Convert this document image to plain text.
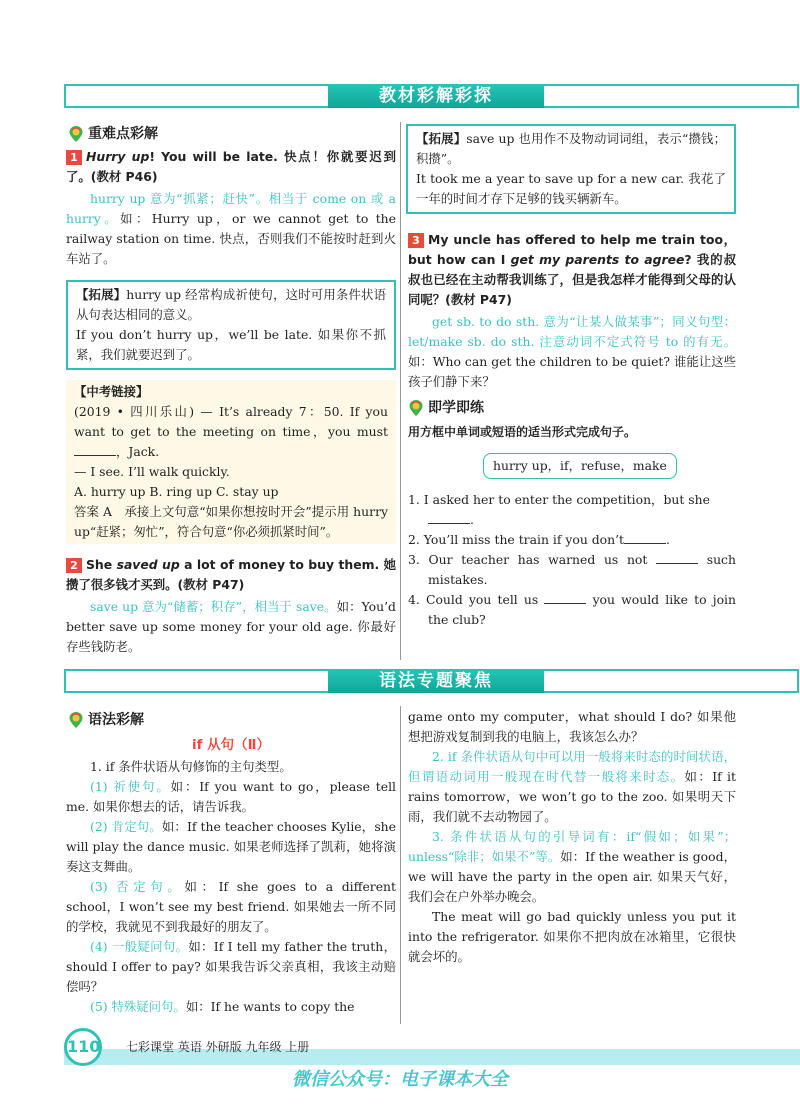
教材彩解彩探
重难点彩解

1 Hurry up! You will be late. 快点！你就要迟到了。(教材 P46)

hurry up 意为“抓紧；赶快”。相当于 come on 或 a hurry。如：Hurry up，or we cannot get to the railway station on time. 快点，否则我们不能按时赶到火车站了。

【拓展】hurry up 经常构成祈使句，这时可用条件状语从句表达相同的意义。

If you don’t hurry up，we’ll be late. 如果你不抓紧，我们就要迟到了。

【中考链接】

(2019 • 四川乐山) — It’s already 7：50. If you want to get to the meeting on time，you must ，Jack.

— I see. I’ll walk quickly.

A. hurry up B. ring up C. stay up

答案 A　承接上文句意“如果你想按时开会”提示用 hurry up“赶紧；匆忙”，符合句意“你必须抓紧时间”。

2 She saved up a lot of money to buy them. 她攒了很多钱才买到。(教材 P47)

save up 意为“储蓄；积存”，相当于 save。如：You’d better save up some money for your old age. 你最好存些钱防老。

【拓展】save up 也用作不及物动词词组，表示“攒钱；积攒”。

It took me a year to save up for a new car. 我花了一年的时间才存下足够的钱买辆新车。

3 My uncle has offered to help me train too，but how can I get my parents to agree? 我的叔叔也已经在主动帮我训练了，但是我怎样才能得到父母的认同呢？(教材 P47)

get sb. to do sth. 意为“让某人做某事”；同义句型：let/make sb. do sth. 注意动词不定式符号 to 的有无。如：Who can get the children to be quiet? 谁能让这些孩子们静下来？

即学即练

用方框中单词或短语的适当形式完成句子。

hurry up，if，refuse，make

1. I asked her to enter the competition，but she
.

2. You’ll miss the train if you don’t	.

3. Our teacher has warned us not	such mistakes.

4. Could you tell us	you would like to join the club?

语法专题聚焦
语法彩解

if 从句（Ⅱ）

1. if 条件状语从句修饰的主句类型。

(1) 祈使句。如：If you want to go，please tell me. 如果你想去的话，请告诉我。

(2) 肯定句。如：If the teacher chooses Kylie，she will play the dance music. 如果老师选择了凯莉，她将演奏这支舞曲。

(3) 否定句。如：If she goes to a different school，I won’t see my best friend. 如果她去一所不同的学校，我就见不到我最好的朋友了。

(4) 一般疑问句。如：If I tell my father the truth，should I offer to pay? 如果我告诉父亲真相，我该主动赔偿吗？

(5) 特殊疑问句。如：If he wants to copy the

game onto my computer，what should I do? 如果他想把游戏复制到我的电脑上，我该怎么办？

2. if 条件状语从句中可以用一般将来时态的时间状语，但谓语动词用一般现在时代替一般将来时态。如：If it rains tomorrow，we won’t go to the zoo. 如果明天下雨，我们就不去动物园了。

3. 条件状语从句的引导词有：if“假如；如果”；unless“除非；如果不”等。如：If the weather is good，we will have the party in the open air. 如果天气好，我们会在户外举办晚会。

The meat will go bad quickly unless you put it into the refrigerator. 如果你不把肉放在冰箱里，它很快就会坏的。

110 七彩课堂 英语 外研版 九年级 上册
微信公众号：电子课本大全
